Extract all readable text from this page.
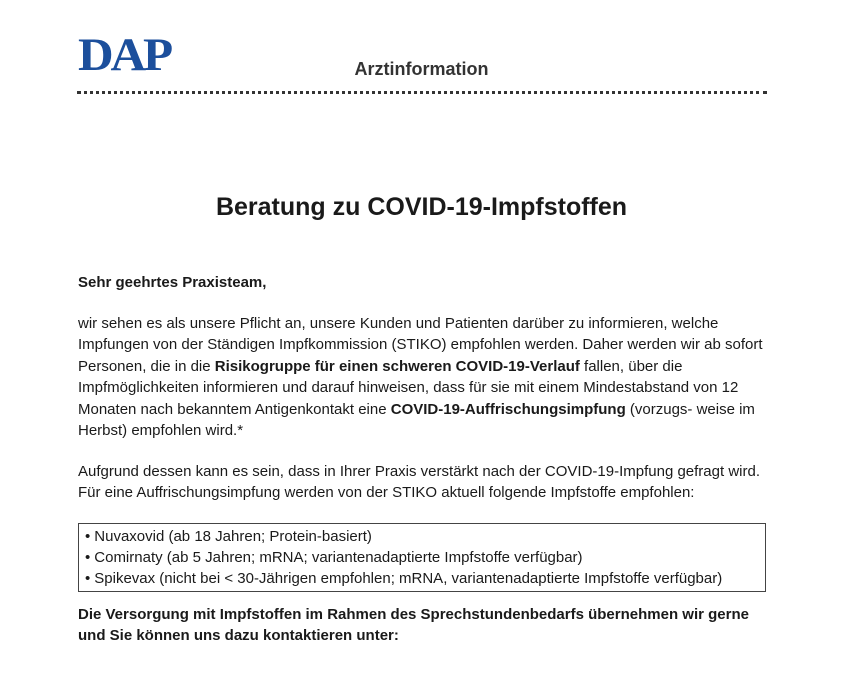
DAP	Arztinformation
Beratung zu COVID-19-Impfstoffen

Sehr geehrtes Praxisteam,

wir sehen es als unsere Pflicht an, unsere Kunden und Patienten darüber zu informieren, welche Impfungen von der Ständigen Impfkommission (STIKO) empfohlen werden. Daher werden wir ab sofort Personen, die in die Risikogruppe für einen schweren COVID-19-Verlauf fallen, über die Impfmöglichkeiten informieren und darauf hinweisen, dass für sie mit einem Mindestabstand von 12 Monaten nach bekanntem Antigenkontakt eine COVID-19-Auffrischungsimpfung (vorzugs- weise im Herbst) empfohlen wird.*

Aufgrund dessen kann es sein, dass in Ihrer Praxis verstärkt nach der COVID-19-Impfung gefragt wird. Für eine Auffrischungsimpfung werden von der STIKO aktuell folgende Impfstoffe empfohlen:

• Nuvaxovid (ab 18 Jahren; Protein-basiert)
• Comirnaty (ab 5 Jahren; mRNA; variantenadaptierte Impfstoffe verfügbar)
• Spikevax (nicht bei < 30-Jährigen empfohlen; mRNA, variantenadaptierte Impfstoffe verfügbar)

Die Versorgung mit Impfstoffen im Rahmen des Sprechstundenbedarfs übernehmen wir gerne und Sie können uns dazu kontaktieren unter:
